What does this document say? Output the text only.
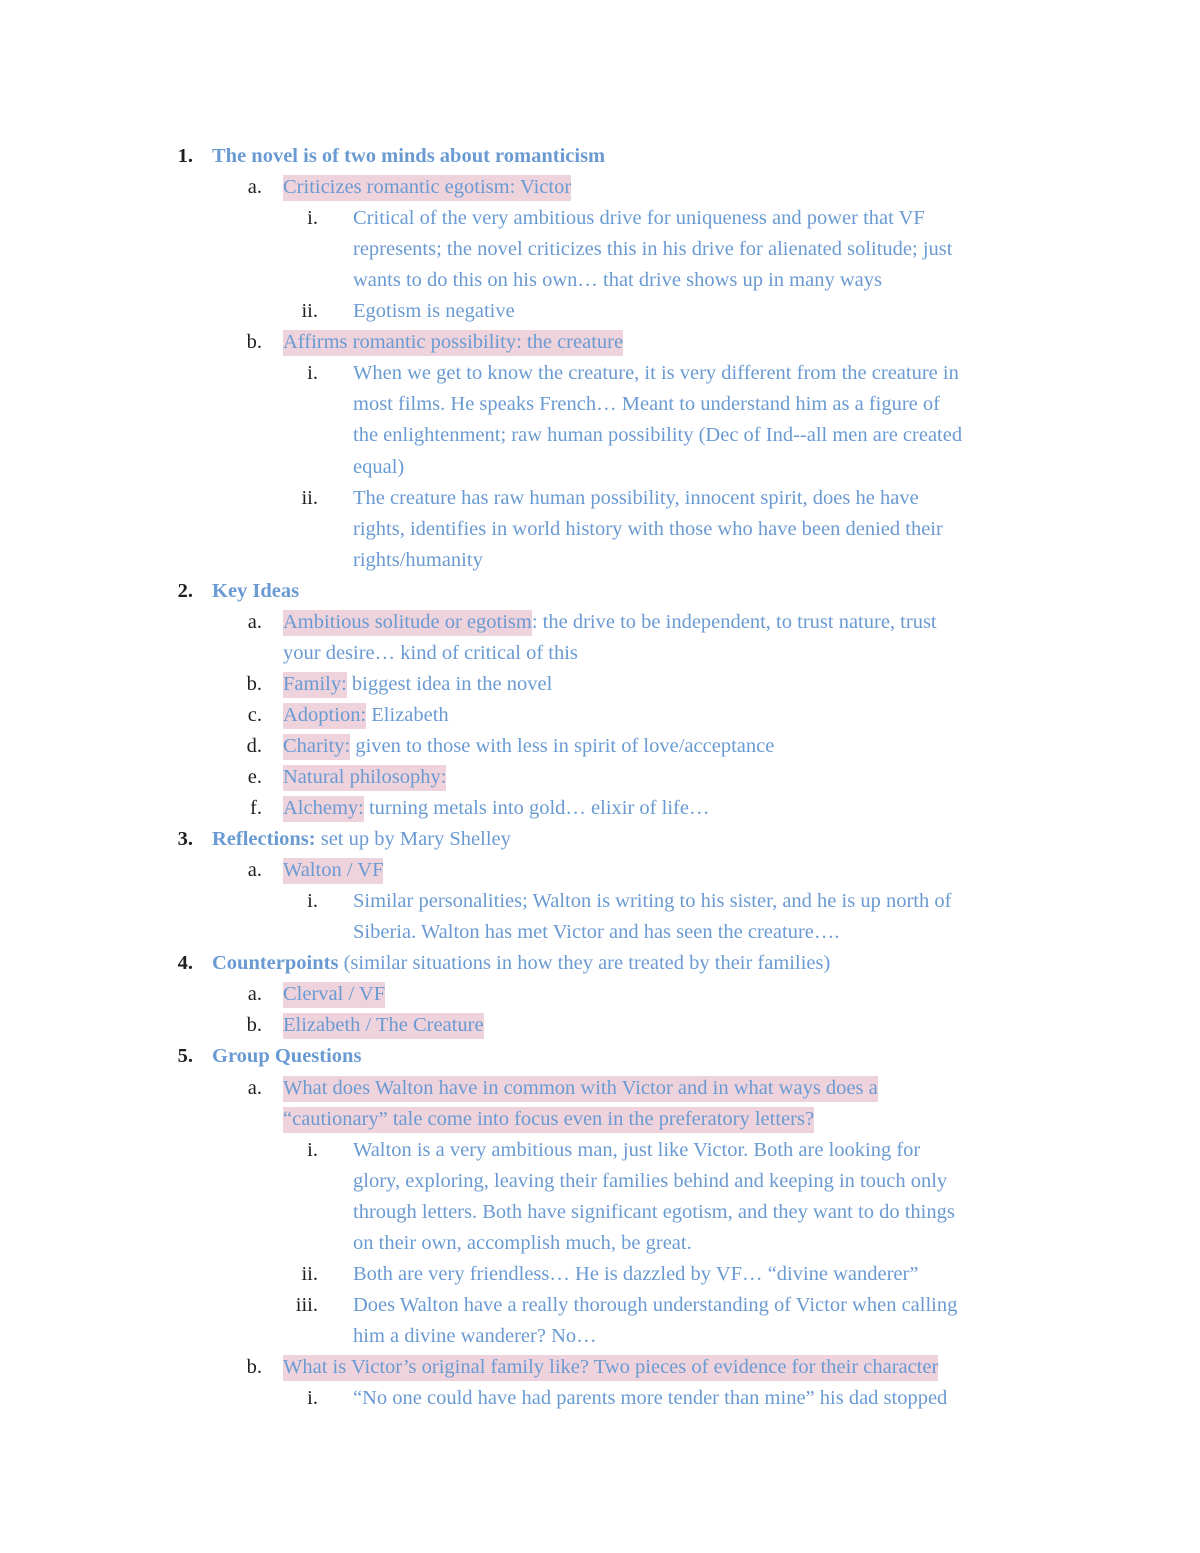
1. The novel is of two minds about romanticism
a. Criticizes romantic egotism: Victor
i. Critical of the very ambitious drive for uniqueness and power that VF
represents; the novel criticizes this in his drive for alienated solitude; just
wants to do this on his own… that drive shows up in many ways
ii. Egotism is negative
b. Affirms romantic possibility: the creature
i. When we get to know the creature, it is very different from the creature in
most films. He speaks French… Meant to understand him as a figure of
the enlightenment; raw human possibility (Dec of Ind--all men are created
equal)
ii. The creature has raw human possibility, innocent spirit, does he have
rights, identifies in world history with those who have been denied their
rights/humanity
2. Key Ideas
a. Ambitious solitude or egotism: the drive to be independent, to trust nature, trust
your desire… kind of critical of this
b. Family: biggest idea in the novel
c. Adoption: Elizabeth
d. Charity: given to those with less in spirit of love/acceptance
e. Natural philosophy:
f. Alchemy: turning metals into gold… elixir of life…
3. Reflections: set up by Mary Shelley
a. Walton / VF
i. Similar personalities; Walton is writing to his sister, and he is up north of
Siberia. Walton has met Victor and has seen the creature….
4. Counterpoints (similar situations in how they are treated by their families)
a. Clerval / VF
b. Elizabeth / The Creature
5. Group Questions
a. What does Walton have in common with Victor and in what ways does a
“cautionary” tale come into focus even in the preferatory letters?
i. Walton is a very ambitious man, just like Victor. Both are looking for
glory, exploring, leaving their families behind and keeping in touch only
through letters. Both have significant egotism, and they want to do things
on their own, accomplish much, be great.
ii. Both are very friendless… He is dazzled by VF… “divine wanderer”
iii. Does Walton have a really thorough understanding of Victor when calling
him a divine wanderer? No…
b. What is Victor’s original family like? Two pieces of evidence for their character
i. “No one could have had parents more tender than mine” his dad stopped
